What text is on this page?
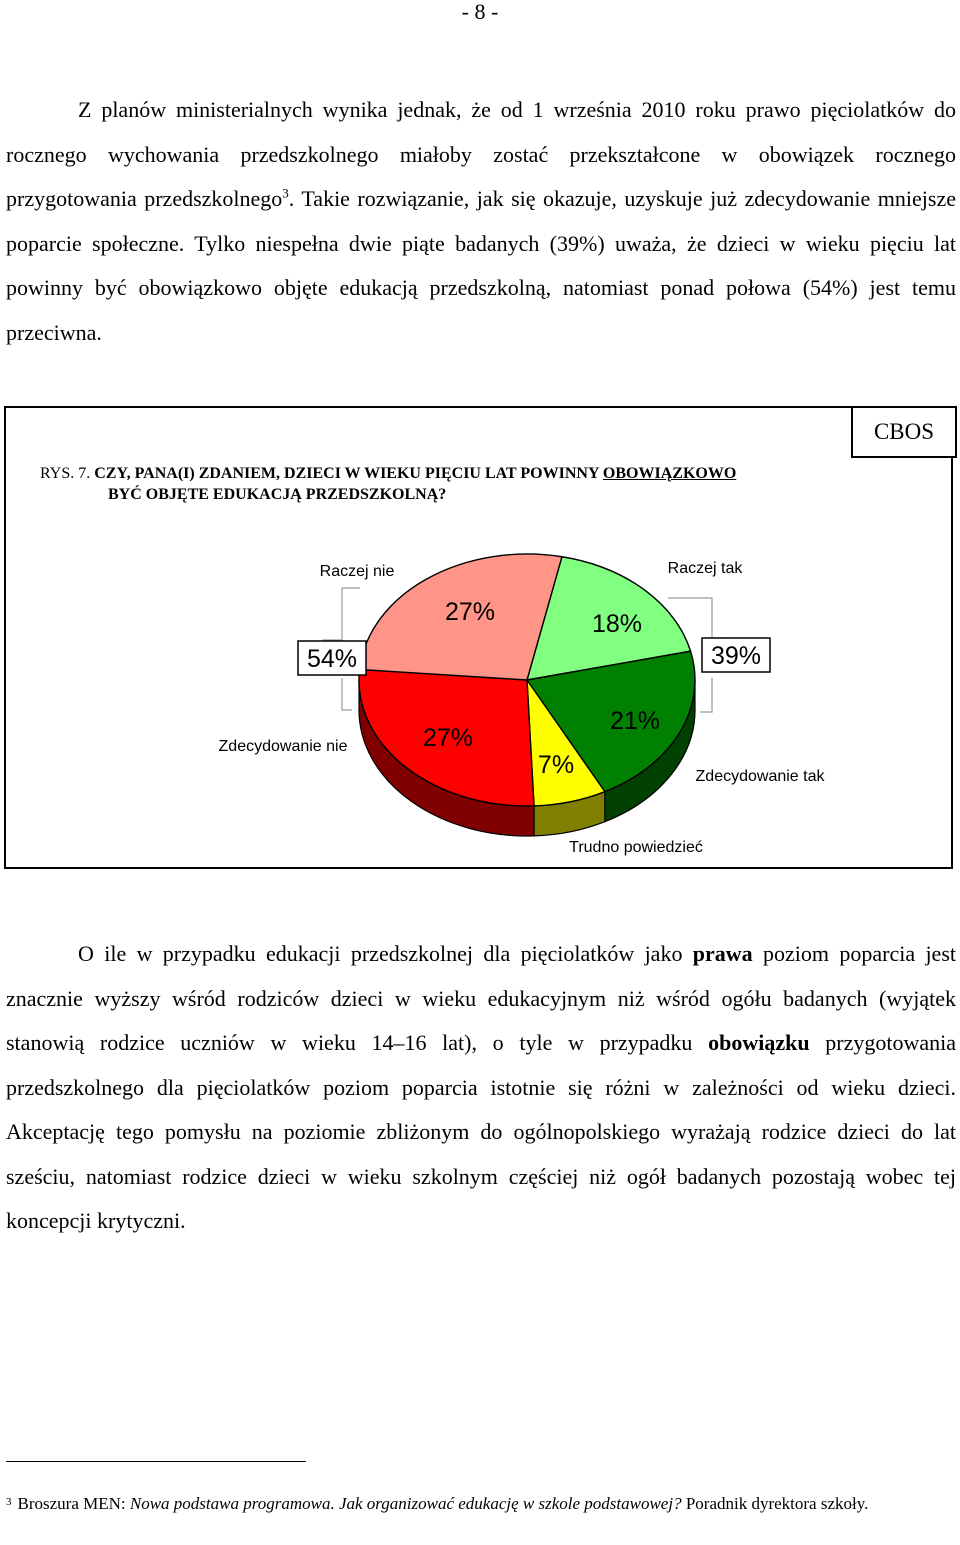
- 8 -

Z planów ministerialnych wynika jednak, że od 1 września 2010 roku prawo pięciolatków do rocznego wychowania przedszkolnego miałoby zostać przekształcone w obowiązek rocznego przygotowania przedszkolnego$^3$. Takie rozwiązanie, jak się okazuje, uzyskuje już zdecydowanie mniejsze poparcie społeczne. Tylko niespełna dwie piąte badanych (39%) uważa, że dzieci w wieku pięciu lat powinny być obowiązkowo objęte edukacją przedszkolną, natomiast ponad połowa (54%) jest temu przeciwna.

18%
Raczej tak
21%
Zdecydowanie tak
7%
Trudno powiedzieć
27%
Zdecydowanie nie
27%
Raczej nie
54%	39%
CBOS
RYS. 7. CZY, PANA(I) ZDANIEM, DZIECI W WIEKU PIĘCIU LAT POWINNY OBOWIĄZKOWO
BYĆ OBJĘTE EDUKACJĄ PRZEDSZKOLNĄ?

O ile w przypadku edukacji przedszkolnej dla pięciolatków jako prawa poziom poparcia jest znacznie wyższy wśród rodziców dzieci w wieku edukacyjnym niż wśród ogółu badanych (wyjątek stanowią rodzice uczniów w wieku 14–16 lat), o tyle w przypadku obowiązku przygotowania przedszkolnego dla pięciolatków poziom poparcia istotnie się różni w zależności od wieku dzieci. Akceptację tego pomysłu na poziomie zbliżonym do ogólnopolskiego wyrażają rodzice dzieci do lat sześciu, natomiast rodzice dzieci w wieku szkolnym częściej niż ogół badanych pozostają wobec tej koncepcji krytyczni.

$^3$ Broszura MEN: Nowa podstawa programowa. Jak organizować edukację w szkole podstawowej? Poradnik dyrektora szkoły.
